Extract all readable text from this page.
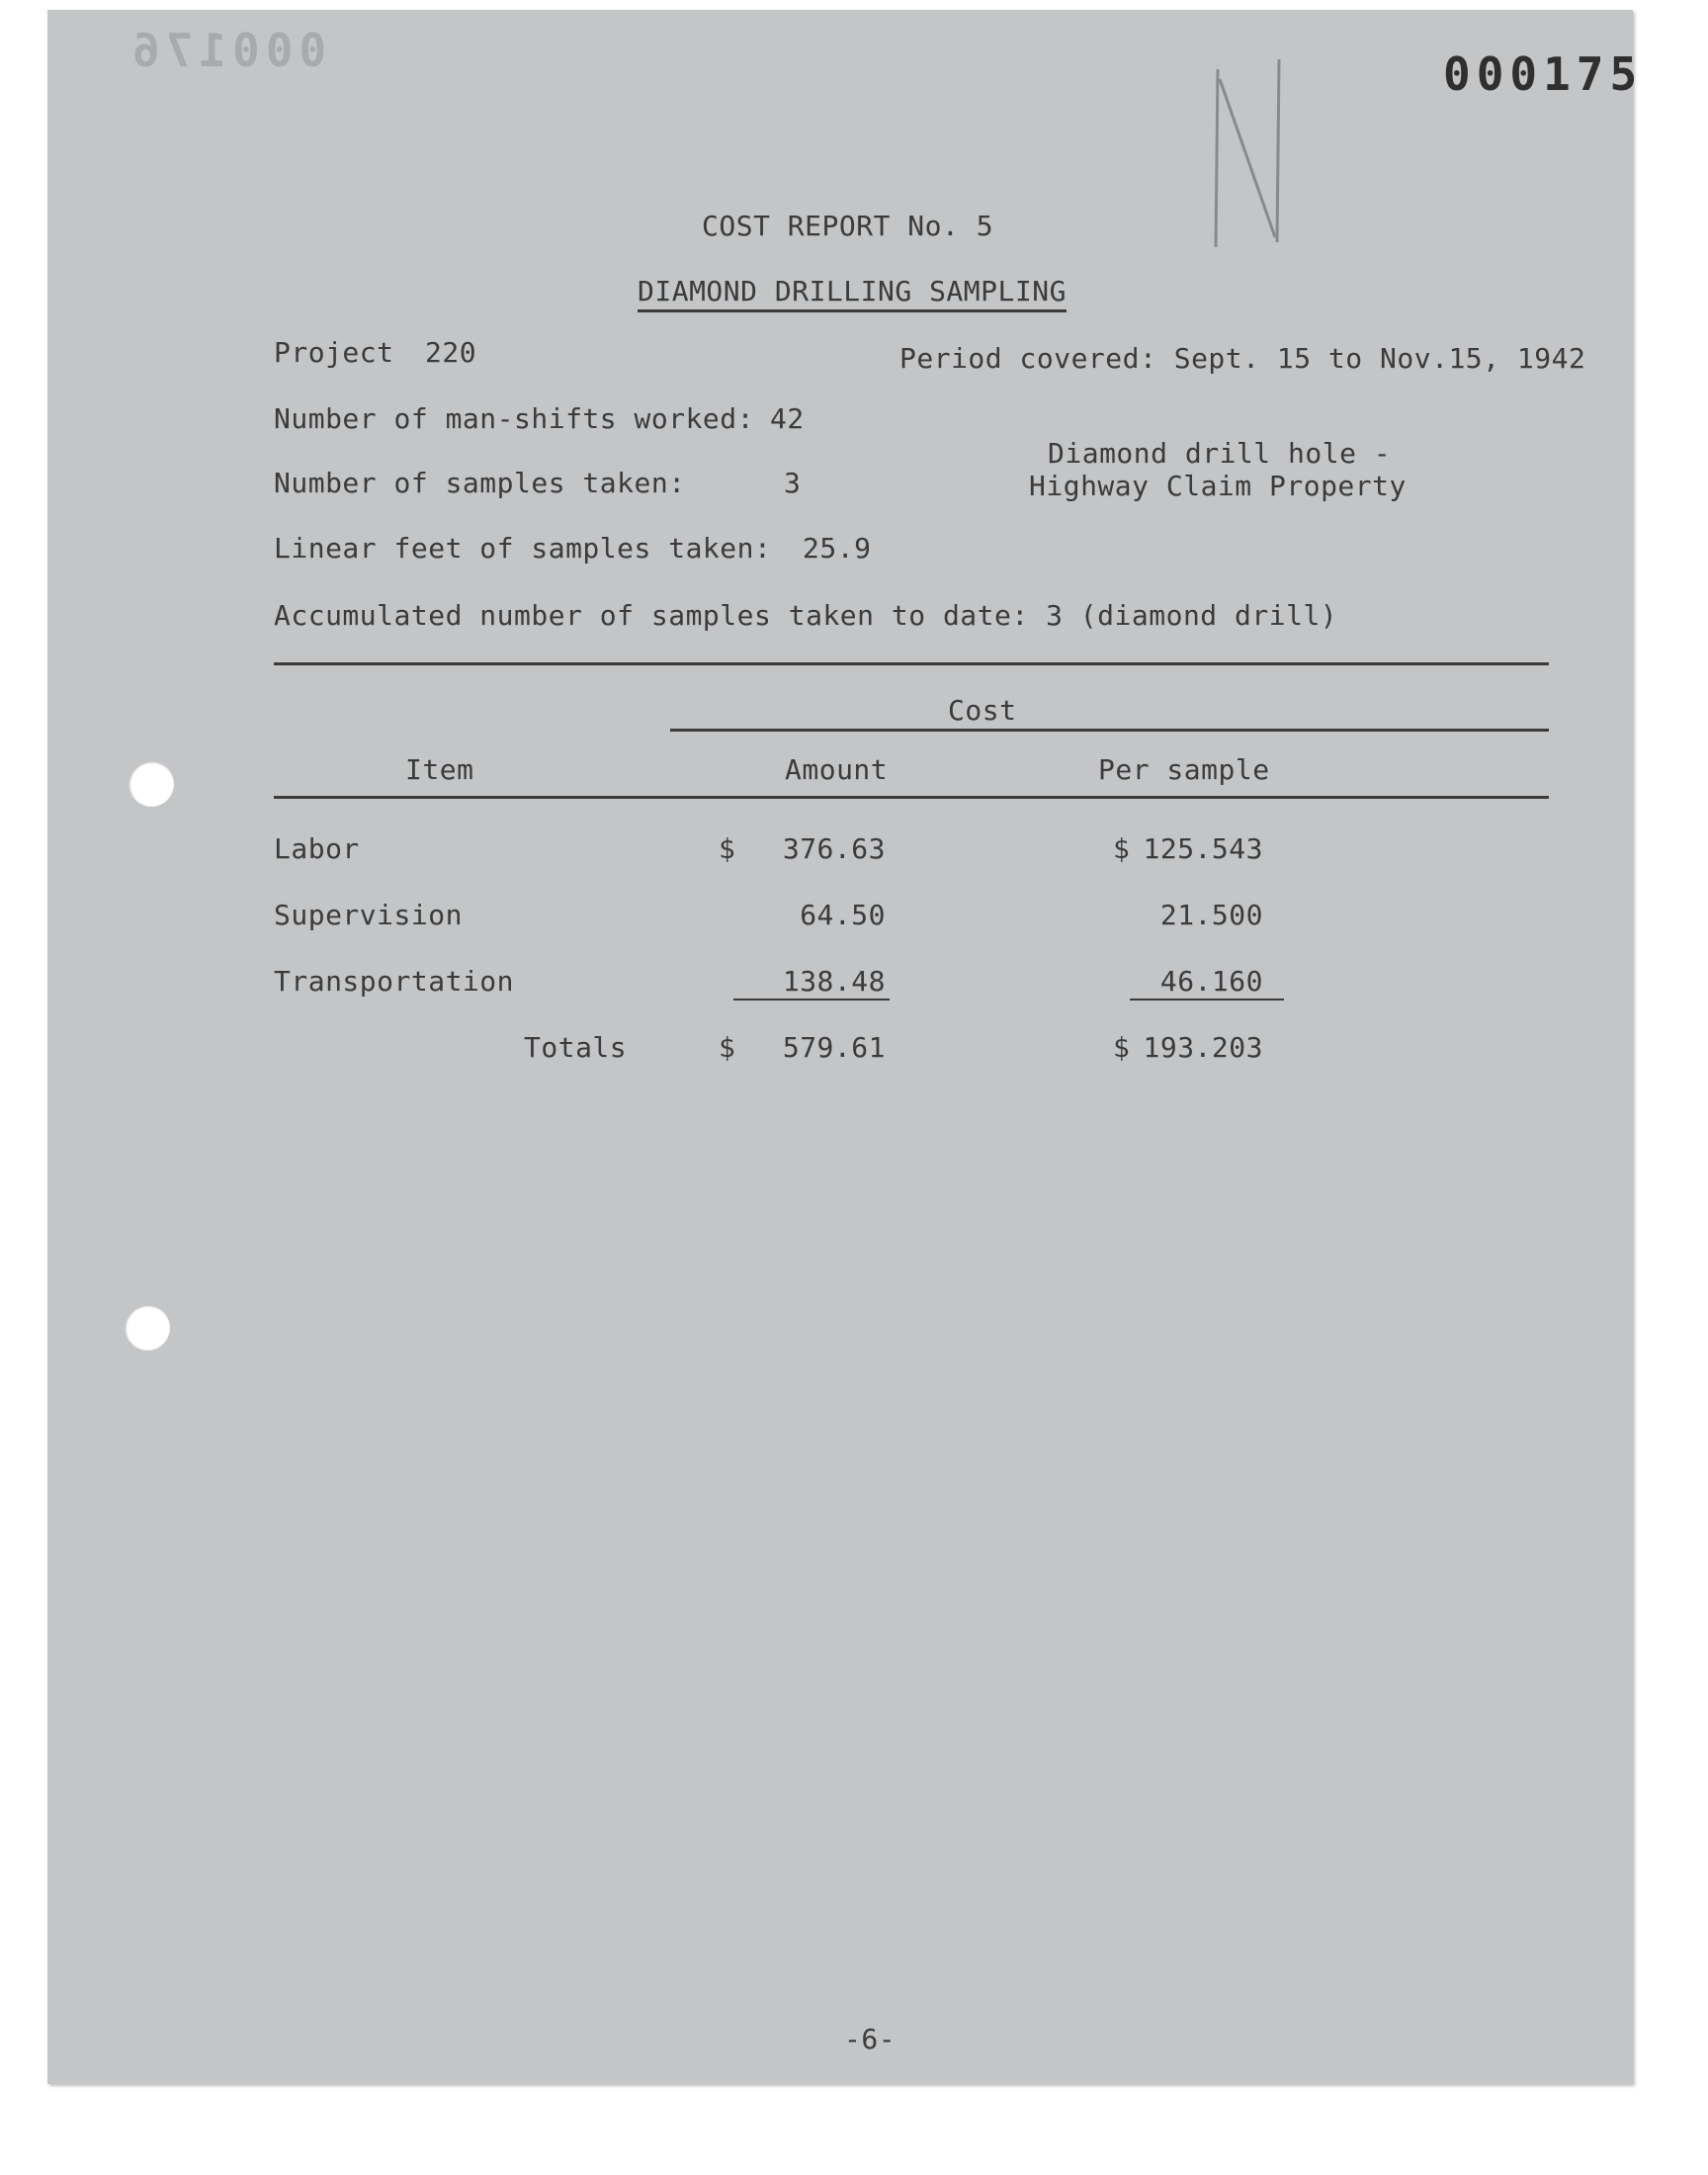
000176	000175
COST REPORT No. 5
DIAMOND DRILLING SAMPLING
Project 220	Period covered: Sept. 15 to Nov.15, 1942
Number of man-shifts worked: 42
Diamond drill hole -
Highway Claim Property
Number of samples taken:	3
Linear feet of samples taken: 25.9
Accumulated number of samples taken to date: 3 (diamond drill)
Cost
Item	Amount	Per sample
Labor	$	376.63	$ 125.543
Supervision	64.50	21.500
Transportation	138.48	46.160
Totals	$	579.61	$ 193.203
-6-
